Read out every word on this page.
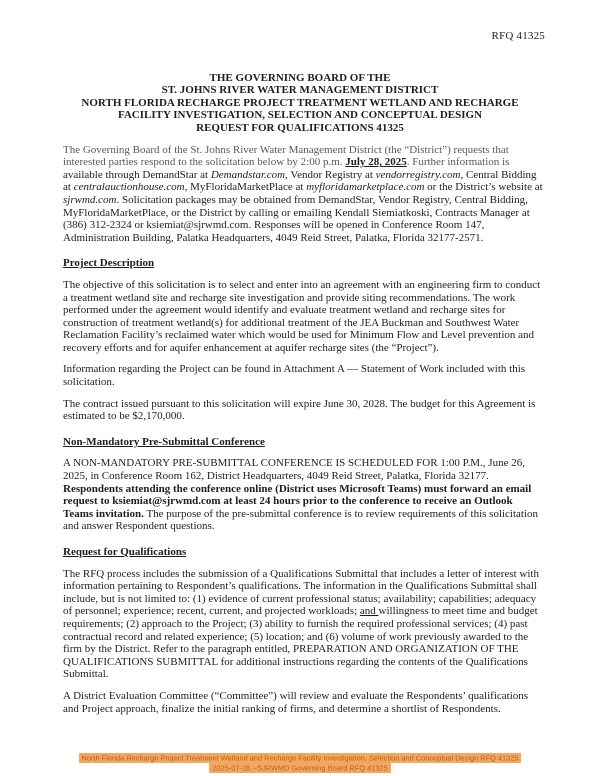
RFQ 41325
THE GOVERNING BOARD OF THE
ST. JOHNS RIVER WATER MANAGEMENT DISTRICT
NORTH FLORIDA RECHARGE PROJECT TREATMENT WETLAND AND RECHARGE
FACILITY INVESTIGATION, SELECTION AND CONCEPTUAL DESIGN
REQUEST FOR QUALIFICATIONS 41325

The Governing Board of the St. Johns River Water Management District (the “District”) requests that interested parties respond to the solicitation below by 2:00 p.m. July 28, 2025. Further information is available through DemandStar at Demandstar.com, Vendor Registry at vendorregistry.com, Central Bidding at centralauctionhouse.com, MyFloridaMarketPlace at myfloridamarketplace.com or the District’s website at sjrwmd.com. Solicitation packages may be obtained from DemandStar, Vendor Registry, Central Bidding, MyFloridaMarketPlace, or the District by calling or emailing Kendall Siemiatkoski, Contracts Manager at (386) 312-2324 or ksiemiat@sjrwmd.com. Responses will be opened in Conference Room 147, Administration Building, Palatka Headquarters, 4049 Reid Street, Palatka, Florida 32177-2571.

Project Description

The objective of this solicitation is to select and enter into an agreement with an engineering firm to conduct a treatment wetland site and recharge site investigation and provide siting recommendations. The work performed under the agreement would identify and evaluate treatment wetland and recharge sites for construction of treatment wetland(s) for additional treatment of the JEA Buckman and Southwest Water Reclamation Facility’s reclaimed water which would be used for Minimum Flow and Level prevention and recovery efforts and for aquifer enhancement at aquifer recharge sites (the “Project”).

Information regarding the Project can be found in Attachment A — Statement of Work included with this solicitation.

The contract issued pursuant to this solicitation will expire June 30, 2028. The budget for this Agreement is estimated to be $2,170,000.

Non-Mandatory Pre-Submittal Conference

A NON-MANDATORY PRE-SUBMITTAL CONFERENCE IS SCHEDULED FOR 1:00 P.M., June 26, 2025, in Conference Room 162, District Headquarters, 4049 Reid Street, Palatka, Florida 32177. Respondents attending the conference online (District uses Microsoft Teams) must forward an email request to ksiemiat@sjrwmd.com at least 24 hours prior to the conference to receive an Outlook Teams invitation. The purpose of the pre-submittal conference is to review requirements of this solicitation and answer Respondent questions.

Request for Qualifications

The RFQ process includes the submission of a Qualifications Submittal that includes a letter of interest with information pertaining to Respondent’s qualifications. The information in the Qualifications Submittal shall include, but is not limited to: (1) evidence of current professional status; availability; capabilities; adequacy of personnel; experience; recent, current, and projected workloads; and willingness to meet time and budget requirements; (2) approach to the Project; (3) ability to furnish the required professional services; (4) past contractual record and related experience; (5) location; and (6) volume of work previously awarded to the firm by the District. Refer to the paragraph entitled, PREPARATION AND ORGANIZATION OF THE QUALIFICATIONS SUBMITTAL for additional instructions regarding the contents of the Qualifications Submittal.

A District Evaluation Committee (“Committee”) will review and evaluate the Respondents’ qualifications and Project approach, finalize the initial ranking of firms, and determine a shortlist of Respondents.

North Florida Recharge Project Treatment Wetland and Recharge Facility Investigation, Selection and Conceptual Design RFQ 41325
2025-07-28 --SJRWMD Governing Board RFQ 41325
